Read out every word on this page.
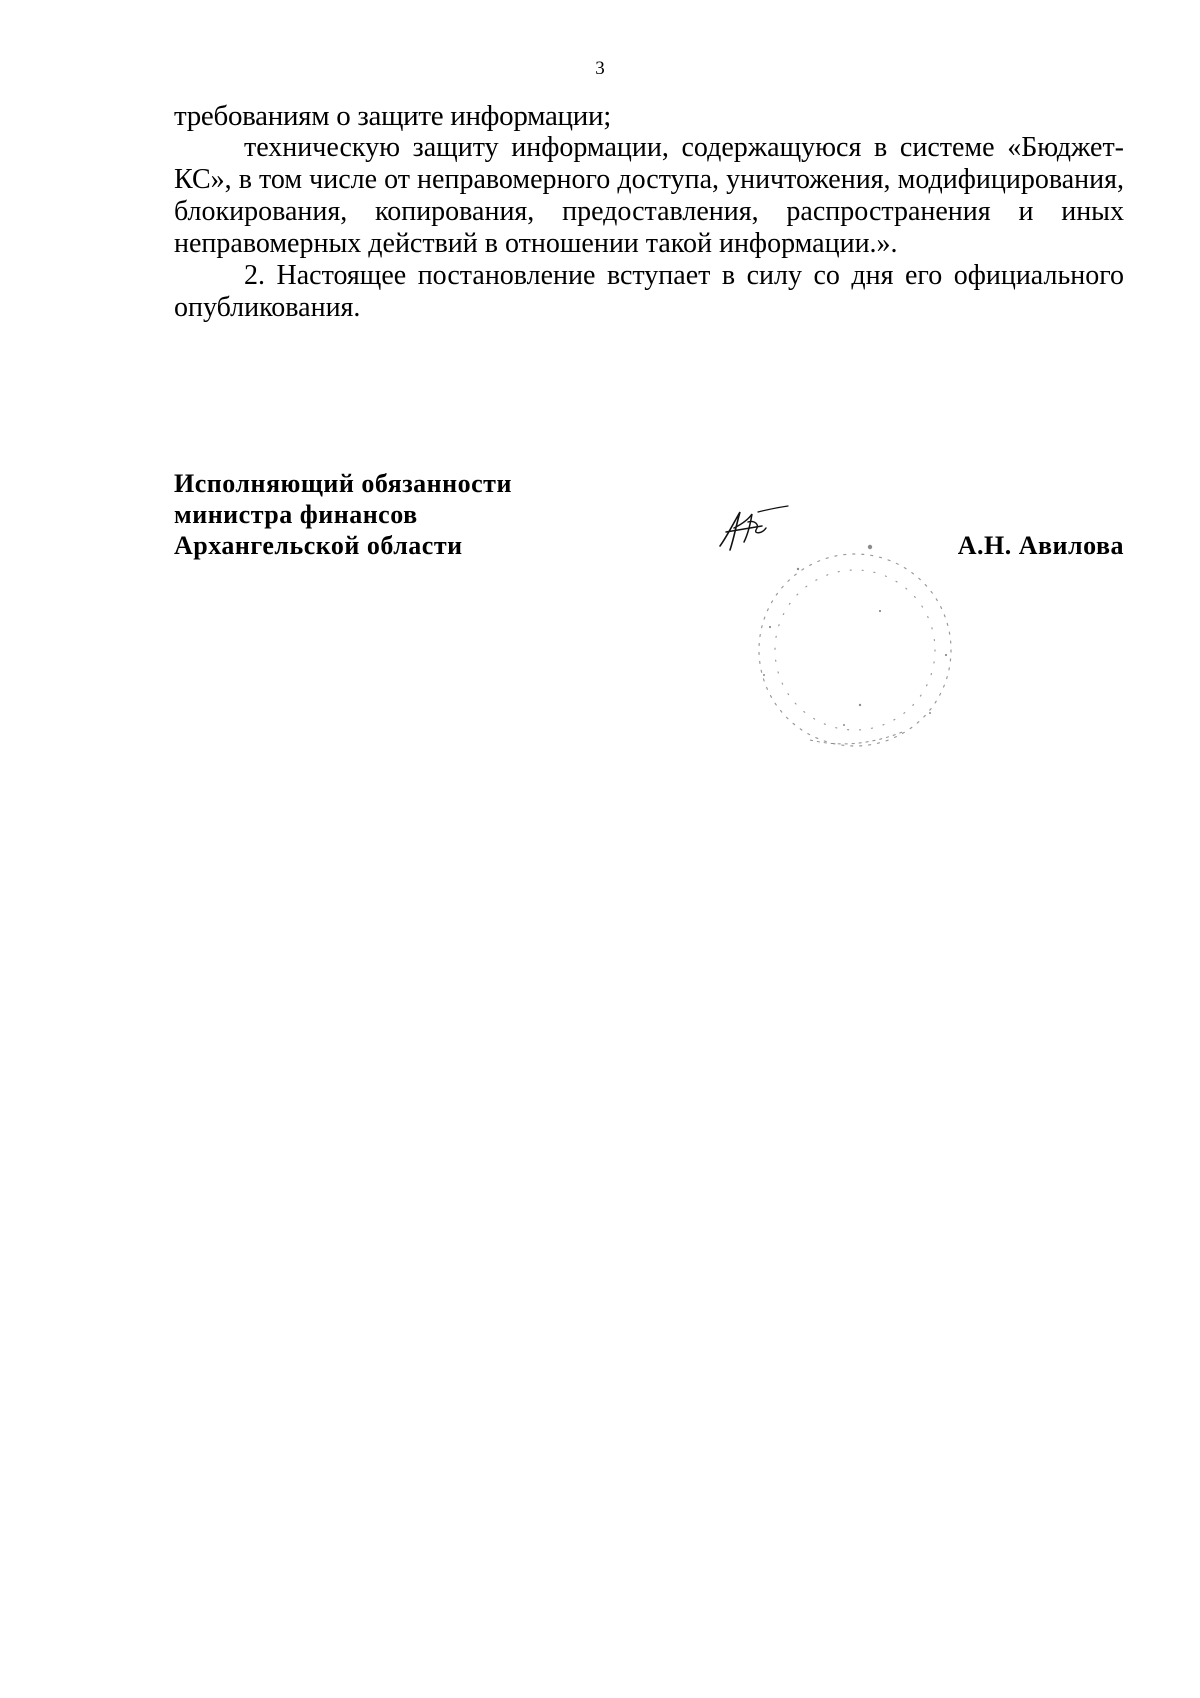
3

требованиям о защите информации;

техническую защиту информации, содержащуюся в системе «Бюджет-КС», в том числе от неправомерного доступа, уничтожения, модифицирования, блокирования, копирования, предоставления, распространения и иных неправомерных действий в отношении такой информации.».

2. Настоящее постановление вступает в силу со дня его официального опубликования.

Исполняющий обязанности
министра финансов
Архангельской области	А.Н. Авилова
